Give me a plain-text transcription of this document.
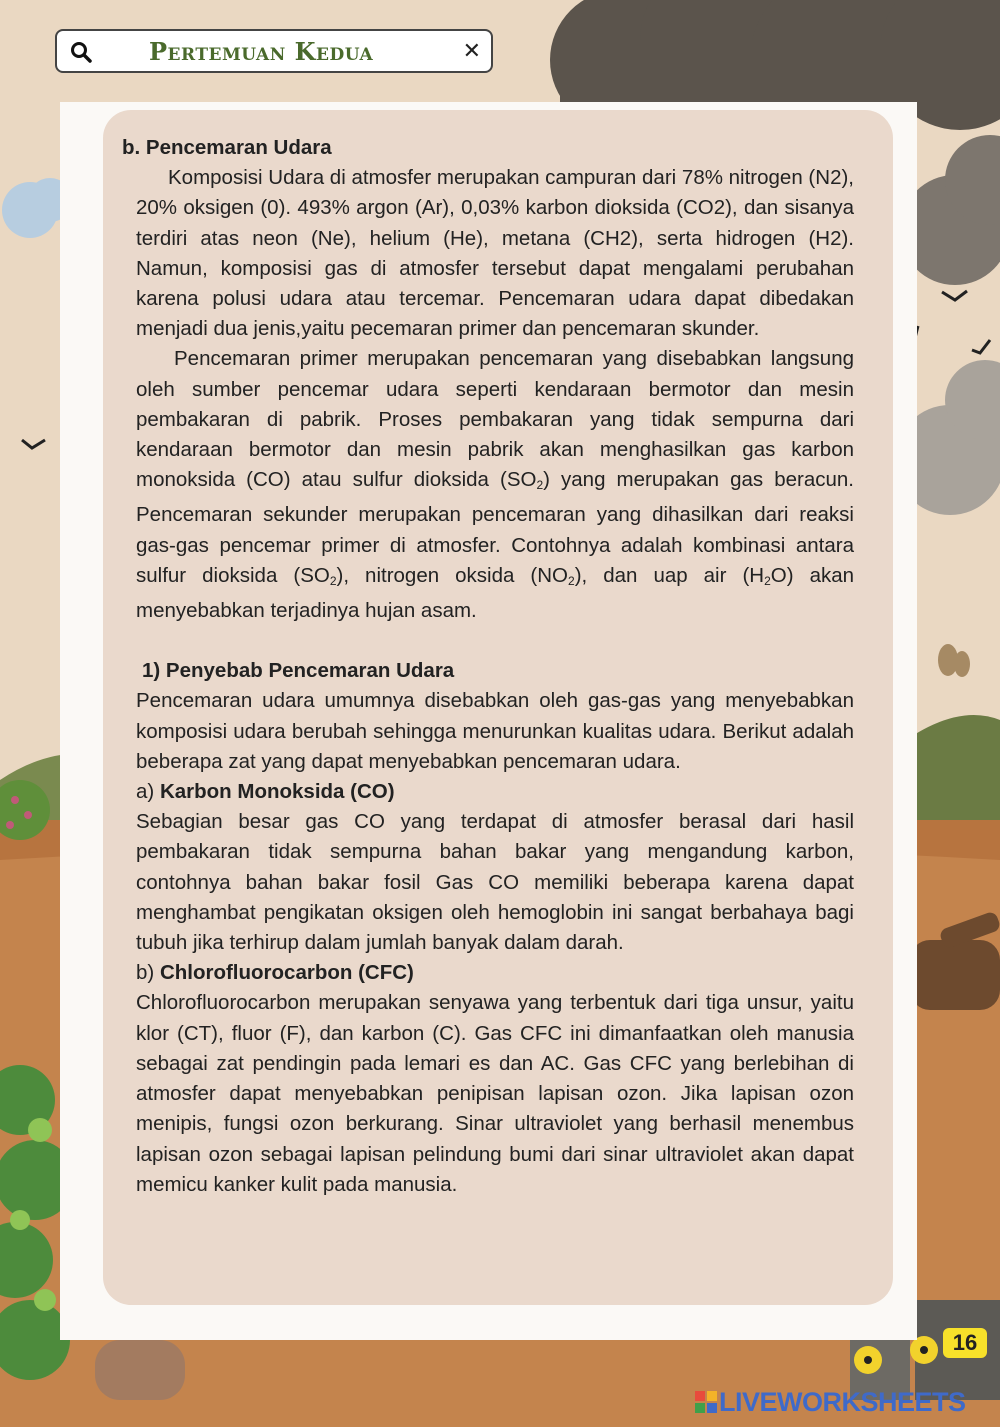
Pertemuan Kedua	✕

b. Pencemaran Udara

Komposisi Udara di atmosfer merupakan campuran dari 78% nitrogen (N2), 20% oksigen (0). 493% argon (Ar), 0,03% karbon dioksida (CO2), dan sisanya terdiri atas neon (Ne), helium (He), metana (CH2), serta hidrogen (H2). Namun, komposisi gas di atmosfer tersebut dapat mengalami perubahan karena polusi udara atau tercemar. Pencemaran udara dapat dibedakan menjadi dua jenis,yaitu pecemaran primer dan pencemaran skunder.

Pencemaran primer merupakan pencemaran yang disebabkan langsung oleh sumber pencemar udara seperti kendaraan bermotor dan mesin pembakaran di pabrik. Proses pembakaran yang tidak sempurna dari kendaraan bermotor dan mesin pabrik akan menghasilkan gas karbon monoksida (CO) atau sulfur dioksida $(SO_2)$ yang merupakan gas beracun. Pencemaran sekunder merupakan pencemaran yang dihasilkan dari reaksi gas-gas pencemar primer di atmosfer. Contohnya adalah kombinasi antara sulfur dioksida $(SO_2)$, nitrogen oksida $(NO_2)$, dan uap air $(H_2O)$ akan menyebabkan terjadinya hujan asam.

1) Penyebab Pencemaran Udara

Pencemaran udara umumnya disebabkan oleh gas-gas yang menyebabkan komposisi udara berubah sehingga menurunkan kualitas udara. Berikut adalah beberapa zat yang dapat menyebabkan pencemaran udara.

a) Karbon Monoksida (CO)

Sebagian besar gas CO yang terdapat di atmosfer berasal dari hasil pembakaran tidak sempurna bahan bakar yang mengandung karbon, contohnya bahan bakar fosil Gas CO memiliki beberapa karena dapat menghambat pengikatan oksigen oleh hemoglobin ini sangat berbahaya bagi tubuh jika terhirup dalam jumlah banyak dalam darah.

b) Chlorofluorocarbon (CFC)

Chlorofluorocarbon merupakan senyawa yang terbentuk dari tiga unsur, yaitu klor (CT), fluor (F), dan karbon (C). Gas CFC ini dimanfaatkan oleh manusia sebagai zat pendingin pada lemari es dan AC. Gas CFC yang berlebihan di atmosfer dapat menyebabkan penipisan lapisan ozon. Jika lapisan ozon menipis, fungsi ozon berkurang. Sinar ultraviolet yang berhasil menembus lapisan ozon sebagai lapisan pelindung bumi dari sinar ultraviolet akan dapat memicu kanker kulit pada manusia.

16
LIVEWORKSHEETS
